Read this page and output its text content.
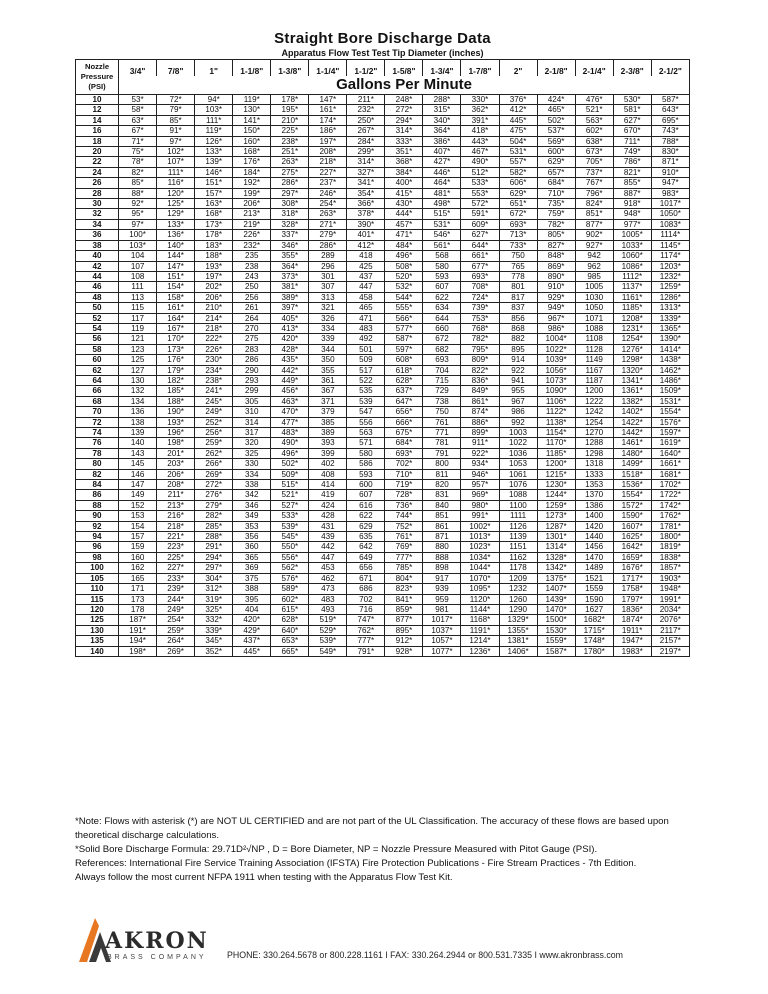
Straight Bore Discharge Data
Apparatus Flow Test Test Tip Diameter (inches)
Nozzle
Pressure
(PSI)	3/4"	7/8"	1"	1-1/8"	1-3/8"	1-1/4"	1-1/2"	1-5/8"	1-3/4"	1-7/8"	2"	2-1/8"	2-1/4"	2-3/8"	2-1/2"
	Gallons Per Minute														
10	53*	72*	94*	119*	178*	147*	211*	248*	288*	330*	376*	424*	476*	530*	587*
12	58*	79*	103*	130*	195*	161*	232*	272*	315*	362*	412*	465*	521*	581*	643*
14	63*	85*	111*	141*	210*	174*	250*	294*	340*	391*	445*	502*	563*	627*	695*
16	67*	91*	119*	150*	225*	186*	267*	314*	364*	418*	475*	537*	602*	670*	743*
18	71*	97*	126*	160*	238*	197*	284*	333*	386*	443*	504*	569*	638*	711*	788*
20	75*	102*	133*	168*	251*	208*	299*	351*	407*	467*	531*	600*	673*	749*	830*
22	78*	107*	139*	176*	263*	218*	314*	368*	427*	490*	557*	629*	705*	786*	871*
24	82*	111*	146*	184*	275*	227*	327*	384*	446*	512*	582*	657*	737*	821*	910*
26	85*	116*	151*	192*	286*	237*	341*	400*	464*	533*	606*	684*	767*	855*	947*
28	88*	120*	157*	199*	297*	246*	354*	415*	481*	553*	629*	710*	796*	887*	983*
30	92*	125*	163*	206*	308*	254*	366*	430*	498*	572*	651*	735*	824*	918*	1017*
32	95*	129*	168*	213*	318*	263*	378*	444*	515*	591*	672*	759*	851*	948*	1050*
34	97*	133*	173*	219*	328*	271*	390*	457*	531*	609*	693*	782*	877*	977*	1083*
36	100*	136*	178*	226*	337*	279*	401*	471*	546*	627*	713*	805*	902*	1005*	1114*
38	103*	140*	183*	232*	346*	286*	412*	484*	561*	644*	733*	827*	927*	1033*	1145*
40	104	144*	188*	235	355*	289	418	496*	568	661*	750	848*	942	1060*	1174*
42	107	147*	193*	238	364*	296	425	508*	580	677*	765	869*	962	1086*	1203*
44	108	151*	197*	243	373*	301	437	520*	593	693*	778	890*	985	1112*	1232*
46	111	154*	202*	250	381*	307	447	532*	607	708*	801	910*	1005	1137*	1259*
48	113	158*	206*	256	389*	313	458	544*	622	724*	817	929*	1030	1161*	1286*
50	115	161*	210*	261	397*	321	465	555*	634	739*	837	949*	1050	1185*	1313*
52	117	164*	214*	264	405*	326	471	566*	644	753*	856	967*	1071	1208*	1339*
54	119	167*	218*	270	413*	334	483	577*	660	768*	868	986*	1088	1231*	1365*
56	121	170*	222*	275	420*	339	492	587*	672	782*	882	1004*	1108	1254*	1390*
58	123	173*	226*	283	428*	344	501	597*	682	795*	895	1022*	1128	1276*	1414*
60	125	176*	230*	286	435*	350	509	608*	693	809*	914	1039*	1149	1298*	1438*
62	127	179*	234*	290	442*	355	517	618*	704	822*	922	1056*	1167	1320*	1462*
64	130	182*	238*	293	449*	361	522	628*	715	836*	941	1073*	1187	1341*	1486*
66	132	185*	241*	299	456*	367	535	637*	729	849*	955	1090*	1200	1361*	1509*
68	134	188*	245*	305	463*	371	539	647*	738	861*	967	1106*	1222	1382*	1531*
70	136	190*	249*	310	470*	379	547	656*	750	874*	986	1122*	1242	1402*	1554*
72	138	193*	252*	314	477*	385	556	666*	761	886*	992	1138*	1254	1422*	1576*
74	139	196*	256*	317	483*	389	563	675*	771	899*	1003	1154*	1270	1442*	1597*
76	140	198*	259*	320	490*	393	571	684*	781	911*	1022	1170*	1288	1461*	1619*
78	143	201*	262*	325	496*	399	580	693*	791	922*	1036	1185*	1298	1480*	1640*
80	145	203*	266*	330	502*	402	586	702*	800	934*	1053	1200*	1318	1499*	1661*
82	146	206*	269*	334	509*	408	593	710*	811	946*	1061	1215*	1333	1518*	1681*
84	147	208*	272*	338	515*	414	600	719*	820	957*	1076	1230*	1353	1536*	1702*
86	149	211*	276*	342	521*	419	607	728*	831	969*	1088	1244*	1370	1554*	1722*
88	152	213*	279*	346	527*	424	616	736*	840	980*	1100	1259*	1386	1572*	1742*
90	153	216*	282*	349	533*	428	622	744*	851	991*	1111	1273*	1400	1590*	1762*
92	154	218*	285*	353	539*	431	629	752*	861	1002*	1126	1287*	1420	1607*	1781*
94	157	221*	288*	356	545*	439	635	761*	871	1013*	1139	1301*	1440	1625*	1800*
96	159	223*	291*	360	550*	442	642	769*	880	1023*	1151	1314*	1456	1642*	1819*
98	160	225*	294*	365	556*	447	649	777*	888	1034*	1162	1328*	1470	1659*	1838*
100	162	227*	297*	369	562*	453	656	785*	898	1044*	1178	1342*	1489	1676*	1857*
105	165	233*	304*	375	576*	462	671	804*	917	1070*	1209	1375*	1521	1717*	1903*
110	171	239*	312*	388	589*	473	686	823*	939	1095*	1232	1407*	1559	1758*	1948*
115	173	244*	319*	395	602*	483	702	841*	959	1120*	1260	1439*	1590	1797*	1991*
120	178	249*	325*	404	615*	493	716	859*	981	1144*	1290	1470*	1627	1836*	2034*
125	187*	254*	332*	420*	628*	519*	747*	877*	1017*	1168*	1329*	1500*	1682*	1874*	2076*
130	191*	259*	339*	429*	640*	529*	762*	895*	1037*	1191*	1355*	1530*	1715*	1911*	2117*
135	194*	264*	345*	437*	653*	539*	777*	912*	1057*	1214*	1381*	1559*	1748*	1947*	2157*
140	198*	269*	352*	445*	665*	549*	791*	928*	1077*	1236*	1406*	1587*	1780*	1983*	2197*

*Note: Flows with asterisk (*) are NOT UL CERTIFIED and are not part of the UL Classification. The accuracy of these flows are based upon theoretical discharge calculations.

*Solid Bore Discharge Formula: 29.71D²√NP , D = Bore Diameter, NP = Nozzle Pressure Measured with Pitot Gauge (PSI).

References: International Fire Service Training Association (IFSTA) Fire Protection Publications - Fire Stream Practices - 7th Edition.

Always follow the most current NFPA 1911 when testing with the Apparatus Flow Test Kit.

AKRON
BRASS COMPANY PHONE: 330.264.5678 or 800.228.1161 I FAX: 330.264.2944 or 800.531.7335 I www.akronbrass.com
